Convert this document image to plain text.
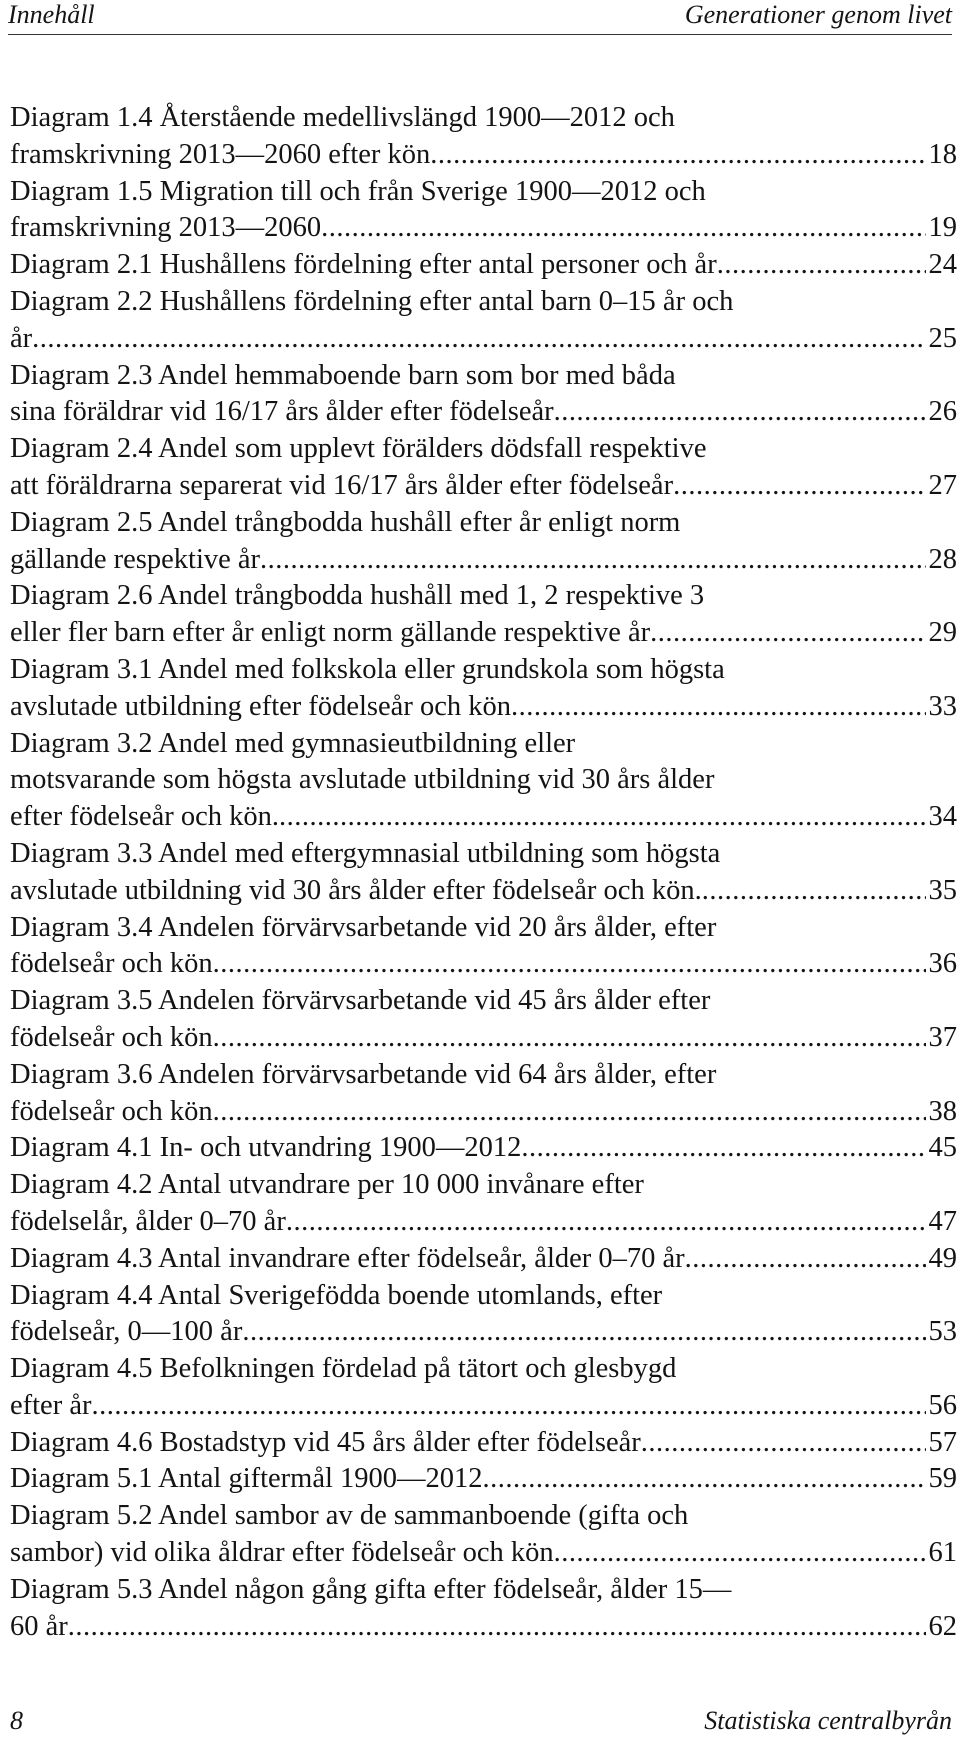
Innehåll	Generationer genom livet
Diagram 1.4 Återstående medellivslängd 1900—2012 och
framskrivning 2013—2060 efter kön .....	18
Diagram 1.5 Migration till och från Sverige 1900—2012 och
framskrivning 2013—2060 .....	19
Diagram 2.1 Hushållens fördelning efter antal personer och år .....	24
Diagram 2.2 Hushållens fördelning efter antal barn 0–15 år och
år .....	25
Diagram 2.3 Andel hemmaboende barn som bor med båda
sina föräldrar vid 16/17 års ålder efter födelseår .....	26
Diagram 2.4 Andel som upplevt förälders dödsfall respektive
att föräldrarna separerat vid 16/17 års ålder efter födelseår .....	27
Diagram 2.5 Andel trångbodda hushåll efter år enligt norm
gällande respektive år .....	28
Diagram 2.6 Andel trångbodda hushåll med 1, 2 respektive 3
eller fler barn efter år enligt norm gällande respektive år .....	29
Diagram 3.1 Andel med folkskola eller grundskola som högsta
avslutade utbildning efter födelseår och kön .....	33
Diagram 3.2 Andel med gymnasieutbildning eller
motsvarande som högsta avslutade utbildning vid 30 års ålder
efter födelseår och kön. .....	34
Diagram 3.3 Andel med eftergymnasial utbildning som högsta
avslutade utbildning vid 30 års ålder efter födelseår och kön. .....	35
Diagram 3.4 Andelen förvärvsarbetande vid 20 års ålder, efter
födelseår och kön .....	36
Diagram 3.5 Andelen förvärvsarbetande vid 45 års ålder efter
födelseår och kön .....	37
Diagram 3.6 Andelen förvärvsarbetande vid 64 års ålder, efter
födelseår och kön .....	38
Diagram 4.1 In- och utvandring 1900—2012 .....	45
Diagram 4.2 Antal utvandrare per 10 000 invånare efter
födelselår, ålder 0–70 år .....	47
Diagram 4.3 Antal invandrare efter födelseår, ålder 0–70 år .....	49
Diagram 4.4 Antal Sverigefödda boende utomlands, efter
födelseår, 0—100 år .....	53
Diagram 4.5 Befolkningen fördelad på tätort och glesbygd
efter år .....	56
Diagram 4.6 Bostadstyp vid 45 års ålder efter födelseår .....	57
Diagram 5.1 Antal giftermål 1900—2012 .....	59
Diagram 5.2 Andel sambor av de sammanboende (gifta och
sambor) vid olika åldrar efter födelseår och kön .....	61
Diagram 5.3 Andel någon gång gifta efter födelseår, ålder 15—
60 år .....	62
8	Statistiska centralbyrån
